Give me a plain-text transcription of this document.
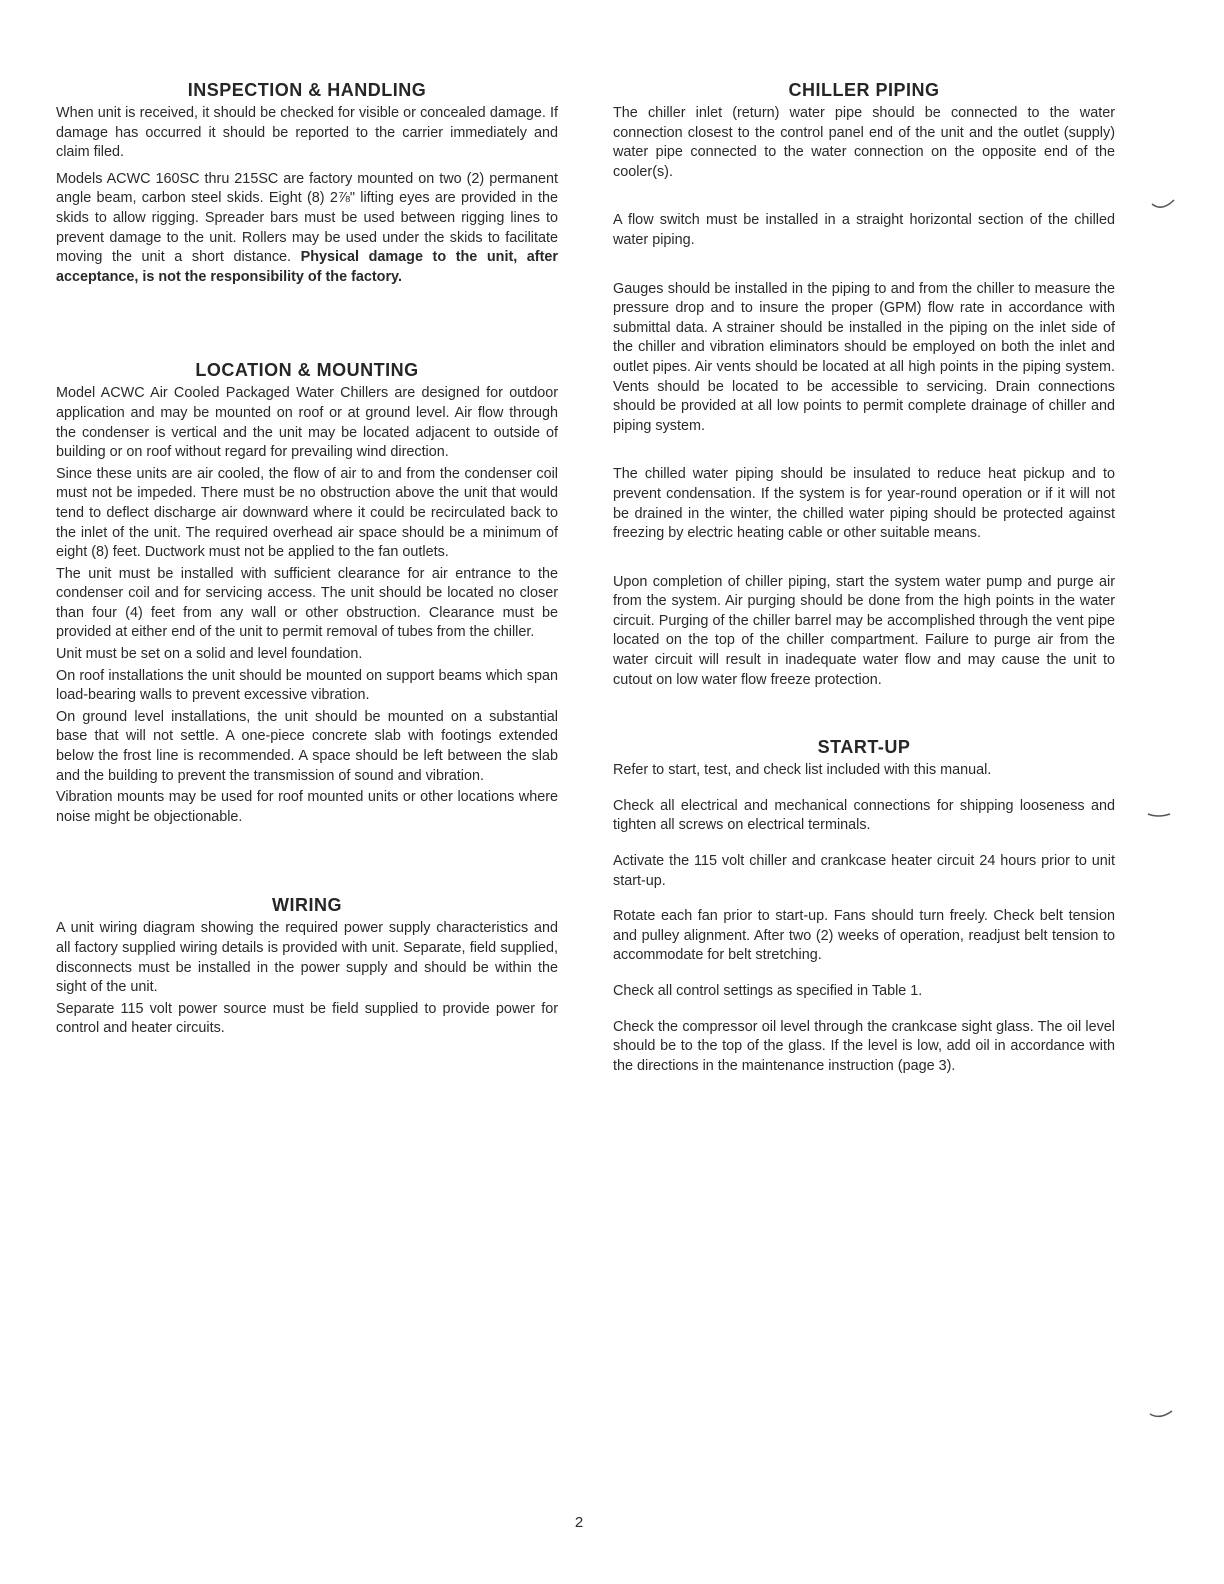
INSPECTION & HANDLING

When unit is received, it should be checked for visible or concealed damage. If damage has occurred it should be reported to the carrier immediately and claim filed.

Models ACWC 160SC thru 215SC are factory mounted on two (2) permanent angle beam, carbon steel skids. Eight (8) 2⅞" lifting eyes are provided in the skids to allow rigging. Spreader bars must be used between rigging lines to prevent damage to the unit. Rollers may be used under the skids to facilitate moving the unit a short distance. Physical damage to the unit, after acceptance, is not the responsibility of the factory.

LOCATION & MOUNTING

Model ACWC Air Cooled Packaged Water Chillers are designed for outdoor application and may be mounted on roof or at ground level. Air flow through the condenser is vertical and the unit may be located adjacent to outside of building or on roof without regard for prevailing wind direction.

Since these units are air cooled, the flow of air to and from the condenser coil must not be impeded. There must be no obstruction above the unit that would tend to deflect discharge air downward where it could be recirculated back to the inlet of the unit. The required overhead air space should be a minimum of eight (8) feet. Ductwork must not be applied to the fan outlets.

The unit must be installed with sufficient clearance for air entrance to the condenser coil and for servicing access. The unit should be located no closer than four (4) feet from any wall or other obstruction. Clearance must be provided at either end of the unit to permit removal of tubes from the chiller.

Unit must be set on a solid and level foundation.

On roof installations the unit should be mounted on support beams which span load-bearing walls to prevent excessive vibration.

On ground level installations, the unit should be mounted on a substantial base that will not settle. A one-piece concrete slab with footings extended below the frost line is recommended. A space should be left between the slab and the building to prevent the transmission of sound and vibration.

Vibration mounts may be used for roof mounted units or other locations where noise might be objectionable.

WIRING

A unit wiring diagram showing the required power supply characteristics and all factory supplied wiring details is provided with unit. Separate, field supplied, disconnects must be installed in the power supply and should be within the sight of the unit.

Separate 115 volt power source must be field supplied to provide power for control and heater circuits.

CHILLER PIPING

The chiller inlet (return) water pipe should be connected to the water connection closest to the control panel end of the unit and the outlet (supply) water pipe connected to the water connection on the opposite end of the cooler(s).

A flow switch must be installed in a straight horizontal section of the chilled water piping.

Gauges should be installed in the piping to and from the chiller to measure the pressure drop and to insure the proper (GPM) flow rate in accordance with submittal data. A strainer should be installed in the piping on the inlet side of the chiller and vibration eliminators should be employed on both the inlet and outlet pipes. Air vents should be located at all high points in the piping system. Vents should be located to be accessible to servicing. Drain connections should be provided at all low points to permit complete drainage of chiller and piping system.

The chilled water piping should be insulated to reduce heat pickup and to prevent condensation. If the system is for year-round operation or if it will not be drained in the winter, the chilled water piping should be protected against freezing by electric heating cable or other suitable means.

Upon completion of chiller piping, start the system water pump and purge air from the system. Air purging should be done from the high points in the water circuit. Purging of the chiller barrel may be accomplished through the vent pipe located on the top of the chiller compartment. Failure to purge air from the water circuit will result in inadequate water flow and may cause the unit to cutout on low water flow freeze protection.

START-UP

Refer to start, test, and check list included with this manual.

Check all electrical and mechanical connections for shipping looseness and tighten all screws on electrical terminals.

Activate the 115 volt chiller and crankcase heater circuit 24 hours prior to unit start-up.

Rotate each fan prior to start-up. Fans should turn freely. Check belt tension and pulley alignment. After two (2) weeks of operation, readjust belt tension to accommodate for belt stretching.

Check all control settings as specified in Table 1.

Check the compressor oil level through the crankcase sight glass. The oil level should be to the top of the glass. If the level is low, add oil in accordance with the directions in the maintenance instruction (page 3).

2
